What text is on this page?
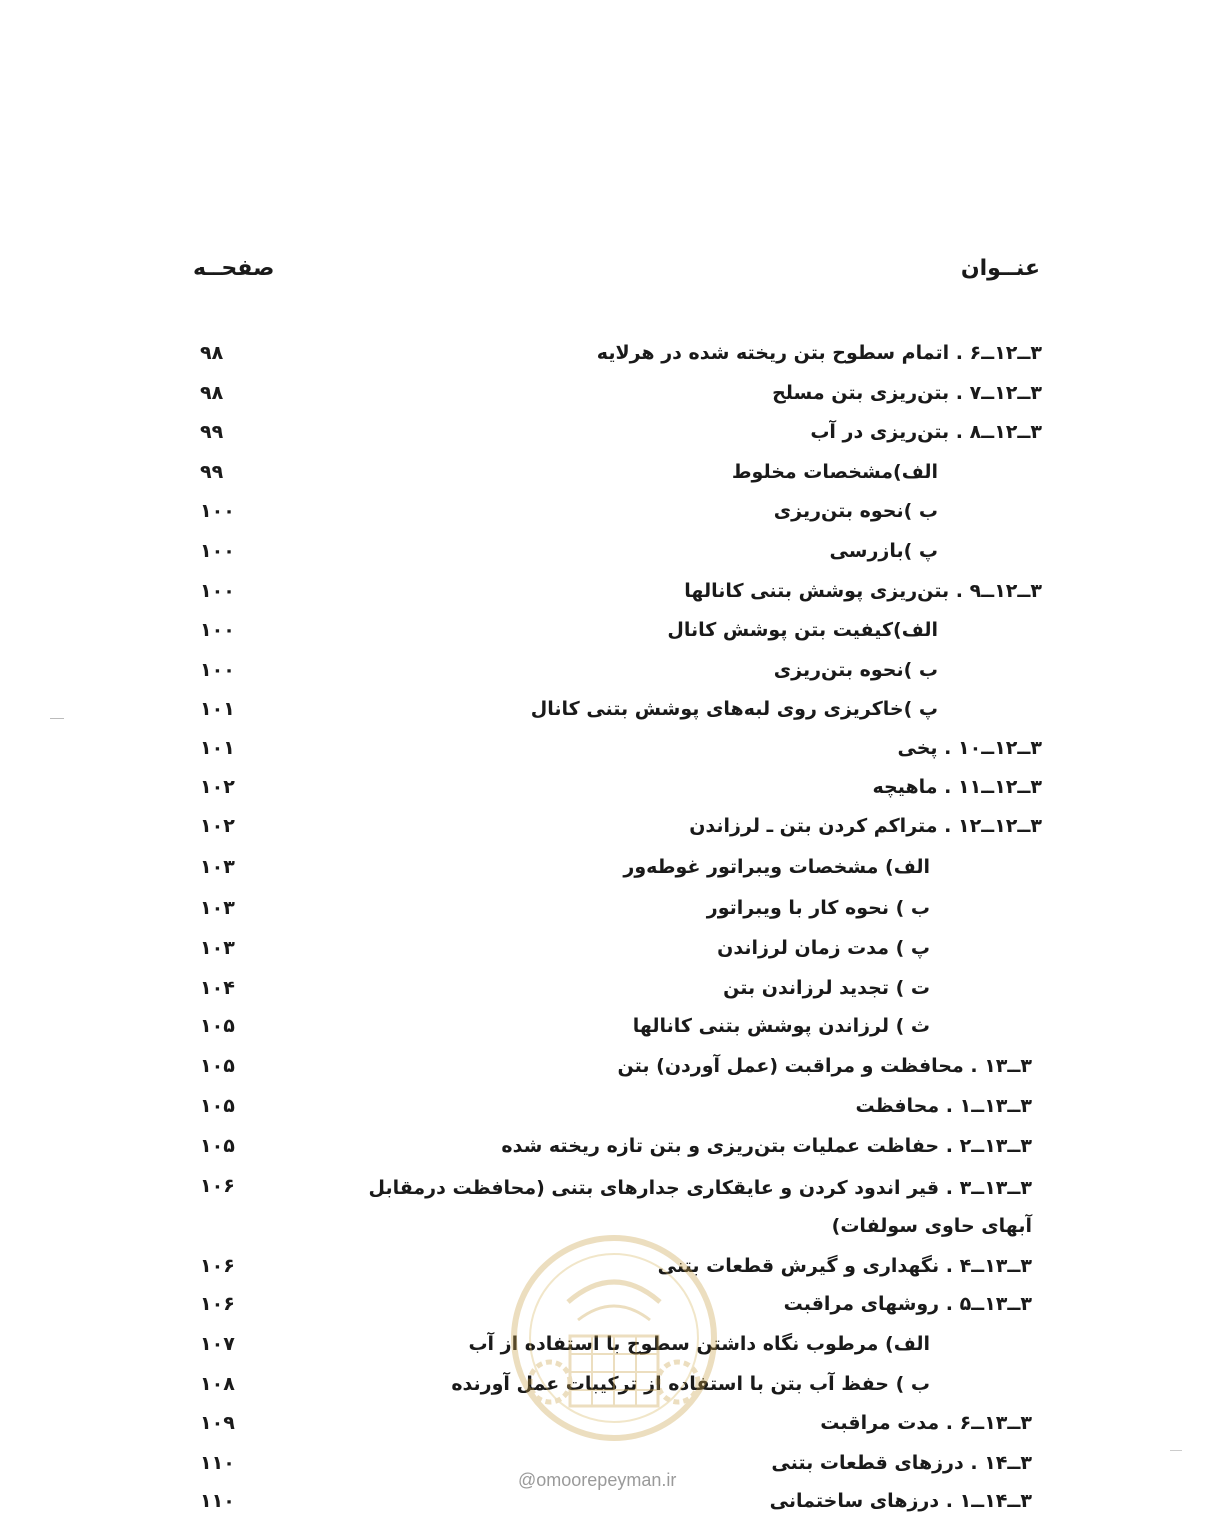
عنــوان
صفحــه
۳ــ۱۲ــ۶ . اتمام سطوح بتن ریخته شده در هرلایه
۹۸
۳ــ۱۲ــ۷ . بتن‌ریزی بتن مسلح
۹۸
۳ــ۱۲ــ۸ . بتن‌ریزی در آب
۹۹
الف)مشخصات مخلوط
۹۹
ب )نحوه بتن‌ریزی
۱۰۰
پ )بازرسی
۱۰۰
۳ــ۱۲ــ۹ . بتن‌ریزی پوشش بتنی کانالها
۱۰۰
الف)کیفیت بتن پوشش کانال
۱۰۰
ب )نحوه بتن‌ریزی
۱۰۰
پ )خاکریزی روی لبه‌های پوشش بتنی کانال
۱۰۱
۳ــ۱۲ــ۱۰ . پخی
۱۰۱
۳ــ۱۲ــ۱۱ . ماهیچه
۱۰۲
۳ــ۱۲ــ۱۲ . متراکم کردن بتن ـ لرزاندن
۱۰۲
الف) مشخصات ویبراتور غوطه‌ور
۱۰۳
ب ) نحوه کار با ویبراتور
۱۰۳
پ ) مدت زمان لرزاندن
۱۰۳
ت ) تجدید لرزاندن بتن
۱۰۴
ث ) لرزاندن پوشش بتنی کانالها
۱۰۵
۳ــ۱۳ . محافظت و مراقبت (عمل آوردن) بتن
۱۰۵
۳ــ۱۳ــ۱ . محافظت
۱۰۵
۳ــ۱۳ــ۲ . حفاظت عملیات بتن‌ریزی و بتن تازه ریخته شده
۱۰۵
۳ــ۱۳ــ۳ . قیر اندود کردن و عایقکاری جدارهای بتنی (محافظت درمقابل آبهای حاوی سولفات)
۱۰۶
۳ــ۱۳ــ۴ . نگهداری و گیرش قطعات بتنی
۱۰۶
۳ــ۱۳ــ۵ . روشهای مراقبت
۱۰۶
الف) مرطوب نگاه داشتن سطوح با استفاده از آب
۱۰۷
ب ) حفظ آب بتن با استفاده از ترکیبات عمل آورنده
۱۰۸
۳ــ۱۳ــ۶ . مدت مراقبت
۱۰۹
۳ــ۱۴ . درزهای قطعات بتنی
۱۱۰
۳ــ۱۴ــ۱ . درزهای ساختمانی
۱۱۰
@omoorepeyman.ir
